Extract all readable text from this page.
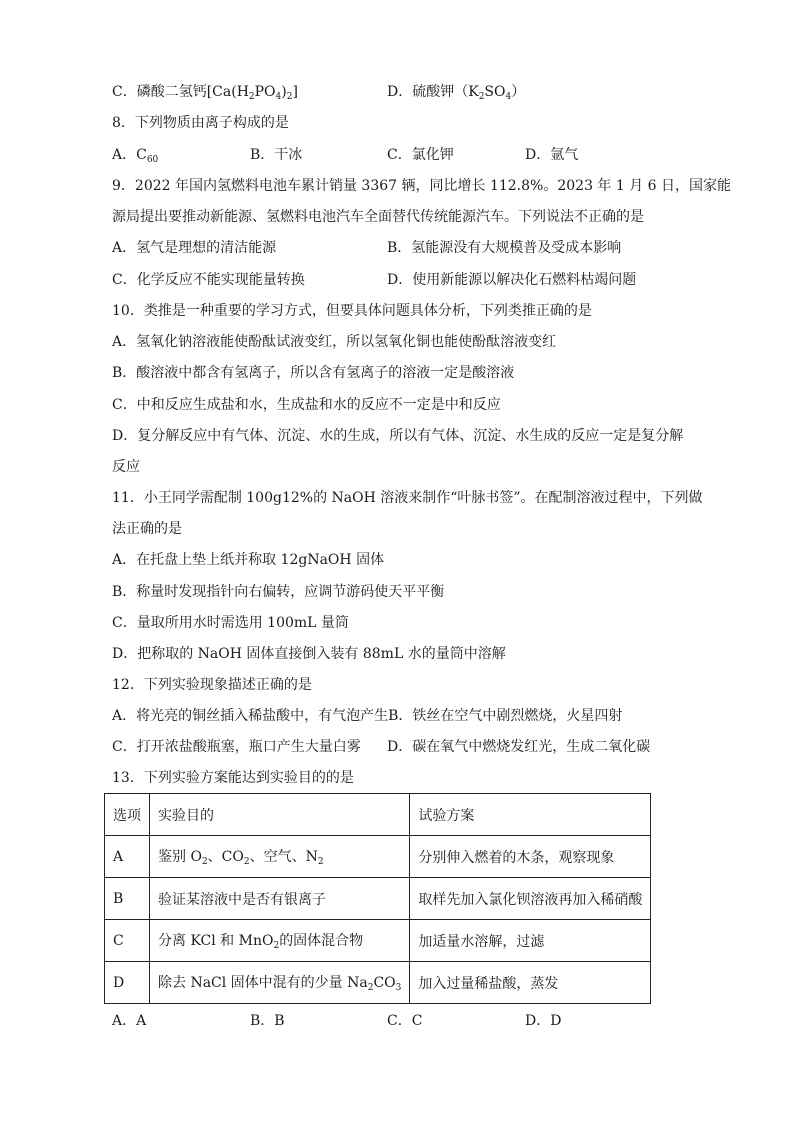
C．磷酸二氢钙$[Ca(H_2PO_4)_2]$	D．硫酸钾$(K_2SO_4)$
8．下列物质由离子构成的是
A．$C_{60}$	B．干冰	C．氯化钾	D．氩气
9．2022 年国内氢燃料电池车累计销量 3367 辆，同比增长 112.8%。2023 年 1 月 6 日，国家能
源局提出要推动新能源、氢燃料电池汽车全面替代传统能源汽车。下列说法不正确的是
A．氢气是理想的清洁能源	B．氢能源没有大规模普及受成本影响
C．化学反应不能实现能量转换	D．使用新能源以解决化石燃料枯竭问题
10．类推是一种重要的学习方式，但要具体问题具体分析，下列类推正确的是
A．氢氧化钠溶液能使酚酞试液变红，所以氢氧化铜也能使酚酞溶液变红
B．酸溶液中都含有氢离子，所以含有氢离子的溶液一定是酸溶液
C．中和反应生成盐和水，生成盐和水的反应不一定是中和反应
D．复分解反应中有气体、沉淀、水的生成，所以有气体、沉淀、水生成的反应一定是复分解
反应
11．小王同学需配制 100g12%的 NaOH 溶液来制作“叶脉书签”。在配制溶液过程中，下列做
法正确的是
A．在托盘上垫上纸并称取 12gNaOH 固体
B．称量时发现指针向右偏转，应调节游码使天平平衡
C．量取所用水时需选用 100mL 量筒
D．把称取的 NaOH 固体直接倒入装有 88mL 水的量筒中溶解
12．下列实验现象描述正确的是
A．将光亮的铜丝插入稀盐酸中，有气泡产生B．铁丝在空气中剧烈燃烧，火星四射
C．打开浓盐酸瓶塞，瓶口产生大量白雾 D．碳在氧气中燃烧发红光，生成二氧化碳
13．下列实验方案能达到实验目的的是
选项	实验目的	试验方案
A	鉴别 $O_2$、$CO_2$、空气、$N_2$	分别伸入燃着的木条，观察现象
B	验证某溶液中是否有银离子	取样先加入氯化钡溶液再加入稀硝酸
C	分离 KCl 和 MnO$_2$的固体混合物	加适量水溶解，过滤
D	除去 NaCl 固体中混有的少量 $Na_2CO_3$	加入过量稀盐酸，蒸发
A．A	B．B	C．C	D．D
